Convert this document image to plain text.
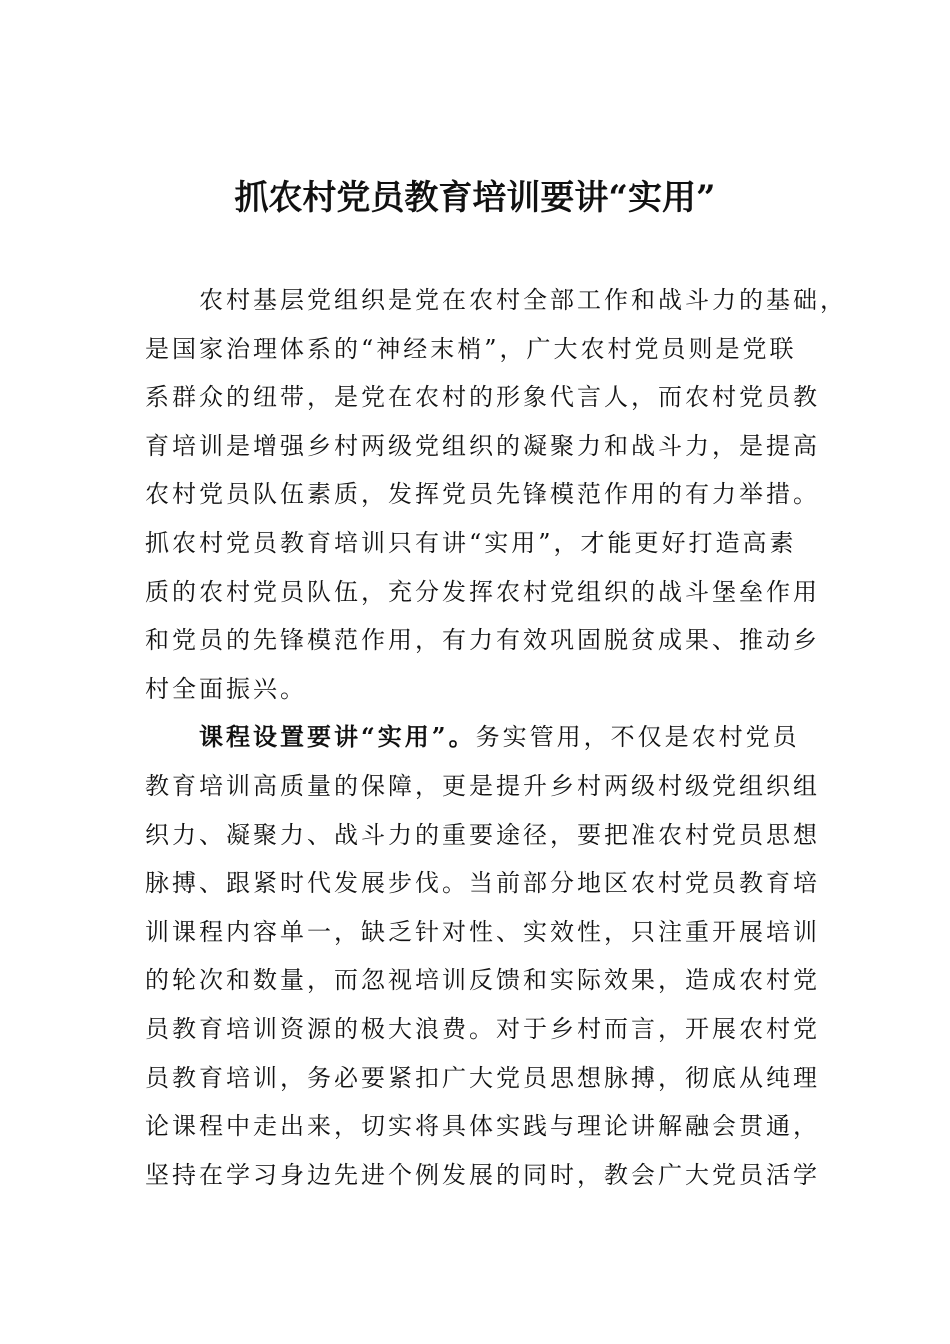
抓农村党员教育培训要讲“实用”
农村基层党组织是党在农村全部工作和战斗力的基础，
是国家治理体系的“神经末梢”，广大农村党员则是党联
系群众的纽带，是党在农村的形象代言人，而农村党员教
育培训是增强乡村两级党组织的凝聚力和战斗力，是提高
农村党员队伍素质，发挥党员先锋模范作用的有力举措。
抓农村党员教育培训只有讲“实用”，才能更好打造高素
质的农村党员队伍，充分发挥农村党组织的战斗堡垒作用
和党员的先锋模范作用，有力有效巩固脱贫成果、推动乡
村全面振兴。
课程设置要讲“实用”。务实管用，不仅是农村党员
教育培训高质量的保障，更是提升乡村两级村级党组织组
织力、凝聚力、战斗力的重要途径，要把准农村党员思想
脉搏、跟紧时代发展步伐。当前部分地区农村党员教育培
训课程内容单一，缺乏针对性、实效性，只注重开展培训
的轮次和数量，而忽视培训反馈和实际效果，造成农村党
员教育培训资源的极大浪费。对于乡村而言，开展农村党
员教育培训，务必要紧扣广大党员思想脉搏，彻底从纯理
论课程中走出来，切实将具体实践与理论讲解融会贯通，
坚持在学习身边先进个例发展的同时，教会广大党员活学
